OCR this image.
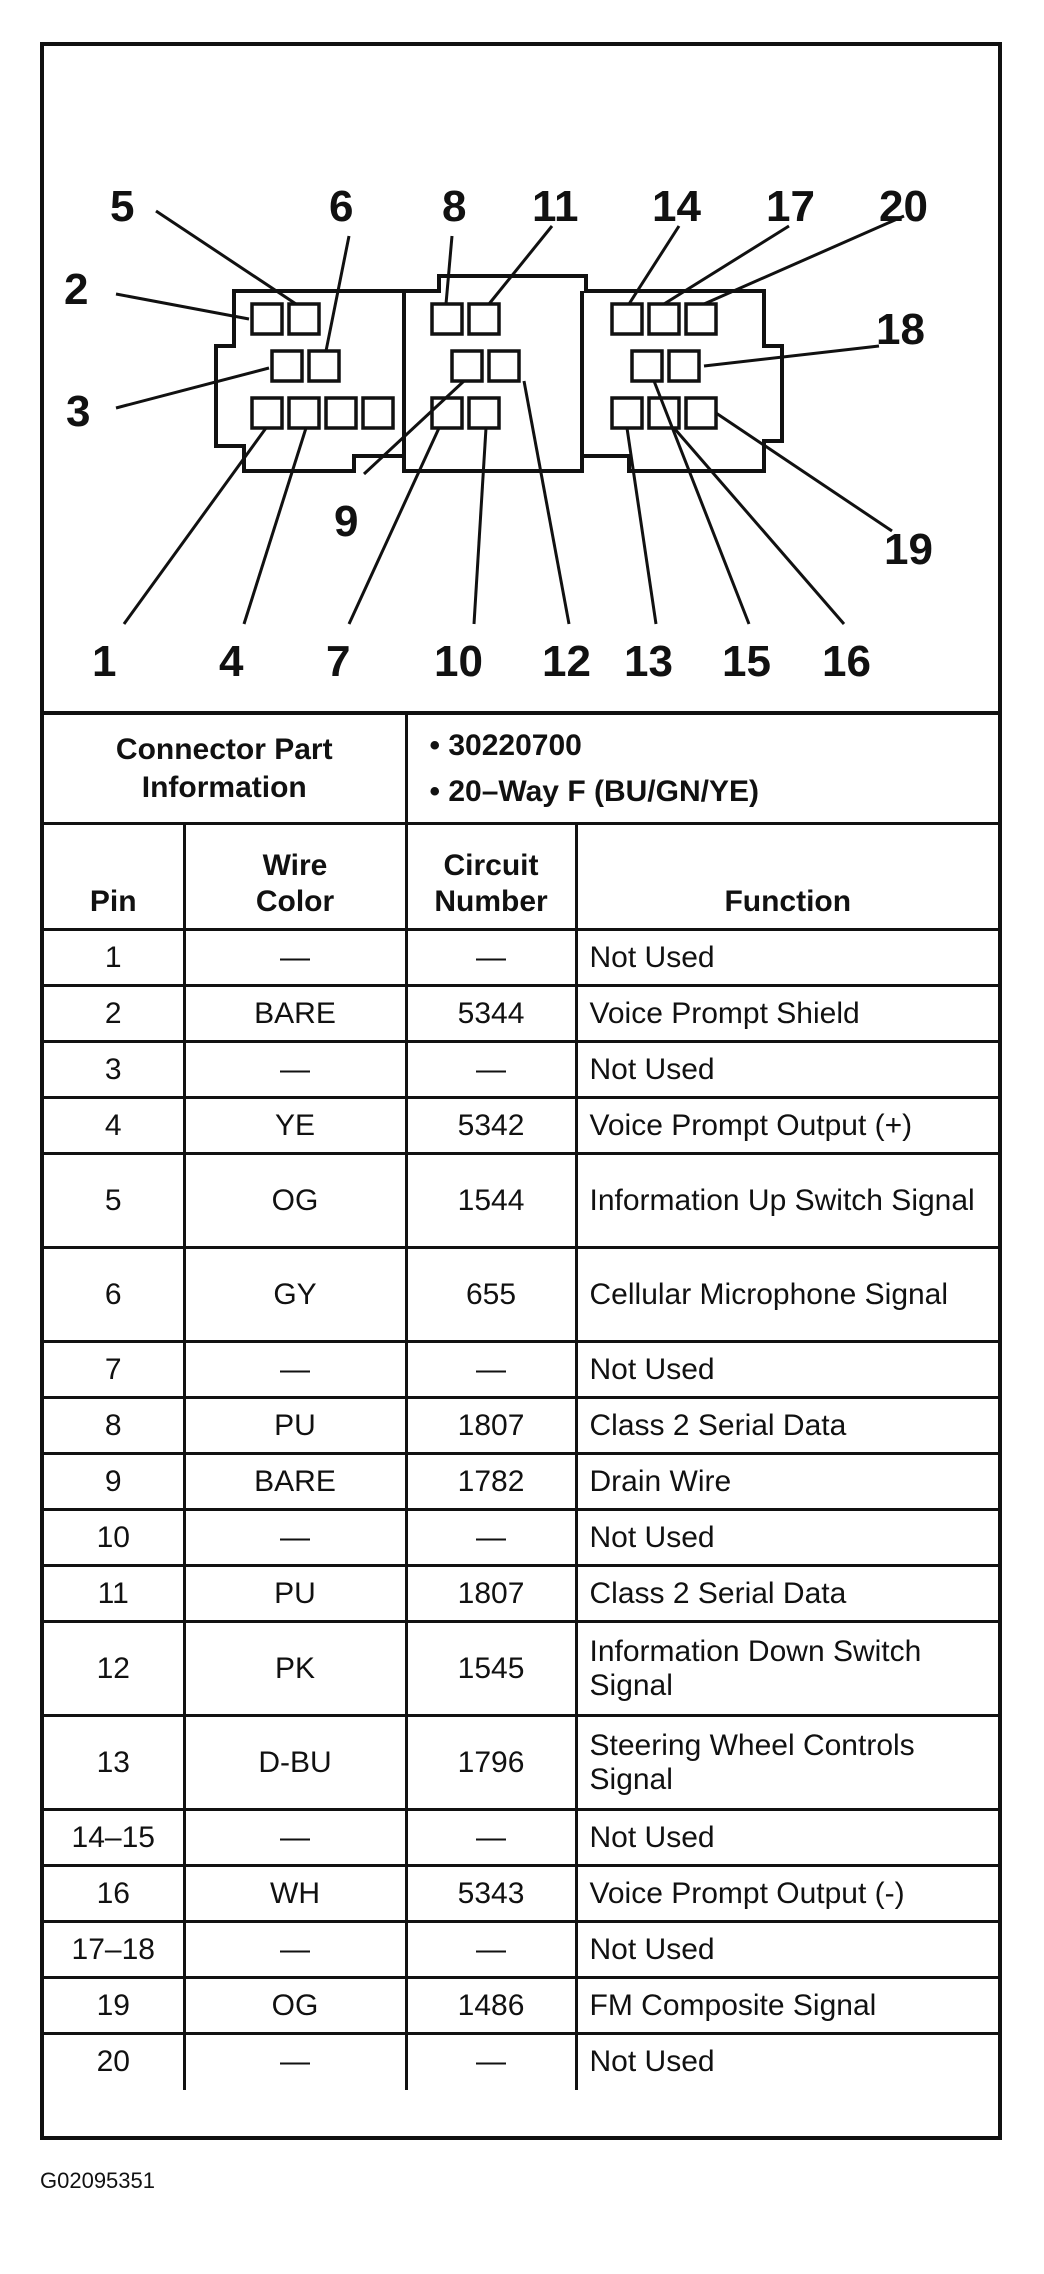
1
2
3
4
5	6
7
8
9
10
11
12 13
14
15 16
17
18
19
20
Connector Part Information		• 30220700
• 20–Way F (BU/GN/YE)	

Pin	Wire Color	Circuit Number	Function
1	—	—	Not Used
2	BARE	5344	Voice Prompt Shield
3	—	—	Not Used
4	YE	5342	Voice Prompt Output (+)
5	OG	1544	Information Up Switch Signal
6	GY	655	Cellular Microphone Signal
7	—	—	Not Used
8	PU	1807	Class 2 Serial Data
9	BARE	1782	Drain Wire
10	—	—	Not Used
11	PU	1807	Class 2 Serial Data
12	PK	1545	Information Down Switch Signal
13	D-BU	1796	Steering Wheel Controls Signal
14–15	—	—	Not Used
16	WH	5343	Voice Prompt Output (-)
17–18	—	—	Not Used
19	OG	1486	FM Composite Signal
20	—	—	Not Used
G02095351
